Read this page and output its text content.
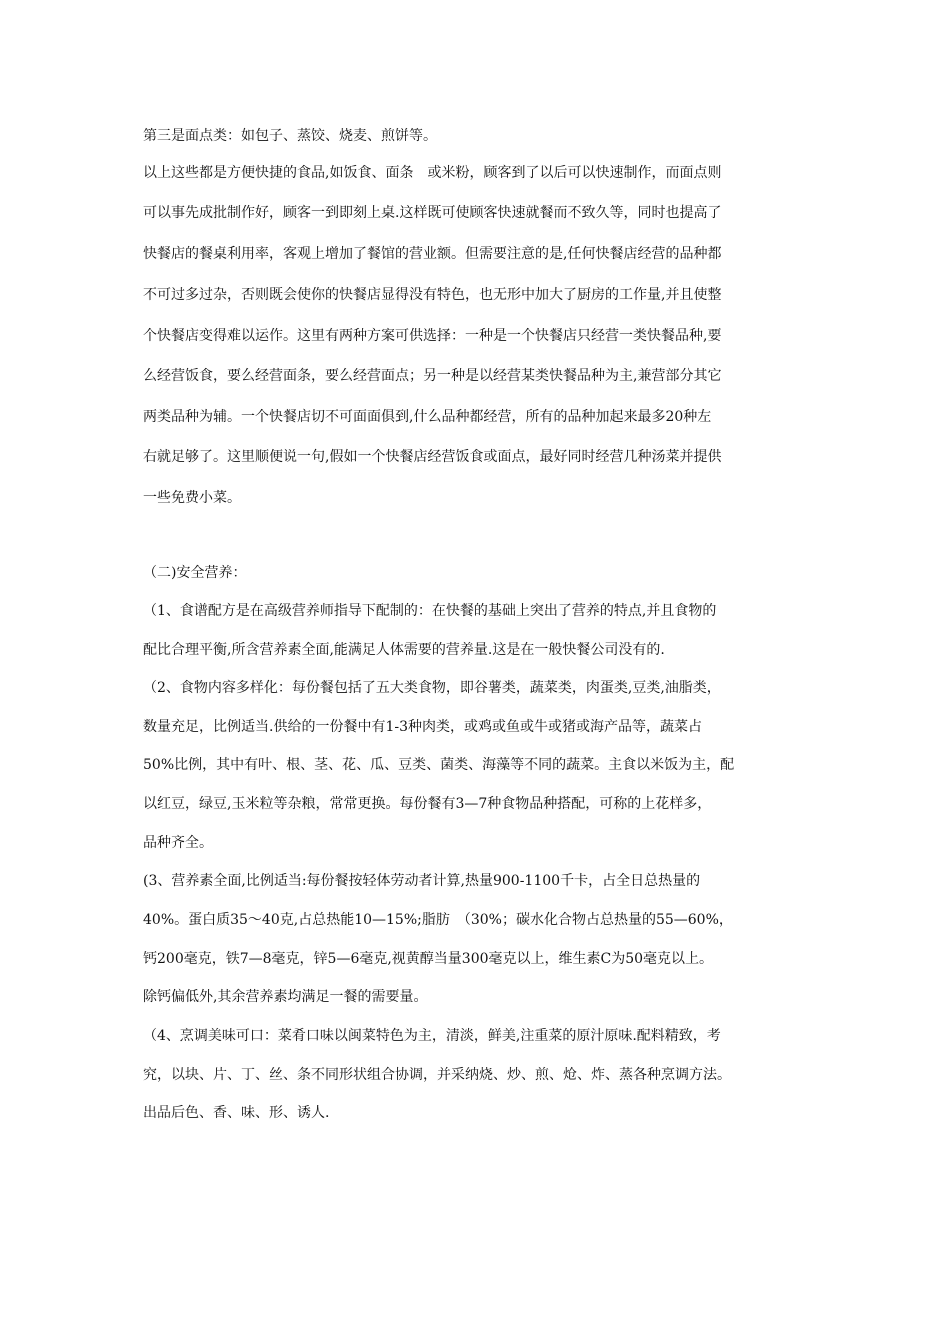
第三是面点类：如包子、蒸饺、烧麦、煎饼等。
以上这些都是方便快捷的食品,如饭食、面条　或米粉，顾客到了以后可以快速制作，而面点则
可以事先成批制作好，顾客一到即刻上桌.这样既可使顾客快速就餐而不致久等，同时也提高了
快餐店的餐桌利用率，客观上增加了餐馆的营业额。但需要注意的是,任何快餐店经营的品种都
不可过多过杂，否则既会使你的快餐店显得没有特色，也无形中加大了厨房的工作量,并且使整
个快餐店变得难以运作。这里有两种方案可供选择：一种是一个快餐店只经营一类快餐品种,要
么经营饭食，要么经营面条，要么经营面点；另一种是以经营某类快餐品种为主,兼营部分其它
两类品种为辅。一个快餐店切不可面面俱到,什么品种都经营，所有的品种加起来最多20种左
右就足够了。这里顺便说一句,假如一个快餐店经营饭食或面点，最好同时经营几种汤菜并提供
一些免费小菜。
（二)安全营养：
（1、食谱配方是在高级营养师指导下配制的：在快餐的基础上突出了营养的特点,并且食物的
配比合理平衡,所含营养素全面,能满足人体需要的营养量.这是在一般快餐公司没有的.
（2、食物内容多样化：每份餐包括了五大类食物，即谷薯类，蔬菜类，肉蛋类,豆类,油脂类，
数量充足，比例适当.供给的一份餐中有1-3种肉类，或鸡或鱼或牛或猪或海产品等，蔬菜占
50%比例，其中有叶、根、茎、花、瓜、豆类、菌类、海藻等不同的蔬菜。主食以米饭为主，配
以红豆，绿豆,玉米粒等杂粮，常常更换。每份餐有3—7种食物品种搭配，可称的上花样多，
品种齐全。
(3、营养素全面,比例适当:每份餐按轻体劳动者计算,热量900-1100千卡，占全日总热量的
40%。蛋白质35～40克,占总热能10—15%;脂肪　（30%；碳水化合物占总热量的55—60%，
钙200毫克，铁7—8毫克，锌5—6毫克,视黄醇当量300毫克以上，维生素C为50毫克以上。
除钙偏低外,其余营养素均满足一餐的需要量。
（4、烹调美味可口：菜肴口味以闽菜特色为主，清淡，鲜美,注重菜的原汁原味.配料精致，考
究，以块、片、丁、丝、条不同形状组合协调，并采纳烧、炒、煎、炝、炸、蒸各种烹调方法。
出品后色、香、味、形、诱人.
